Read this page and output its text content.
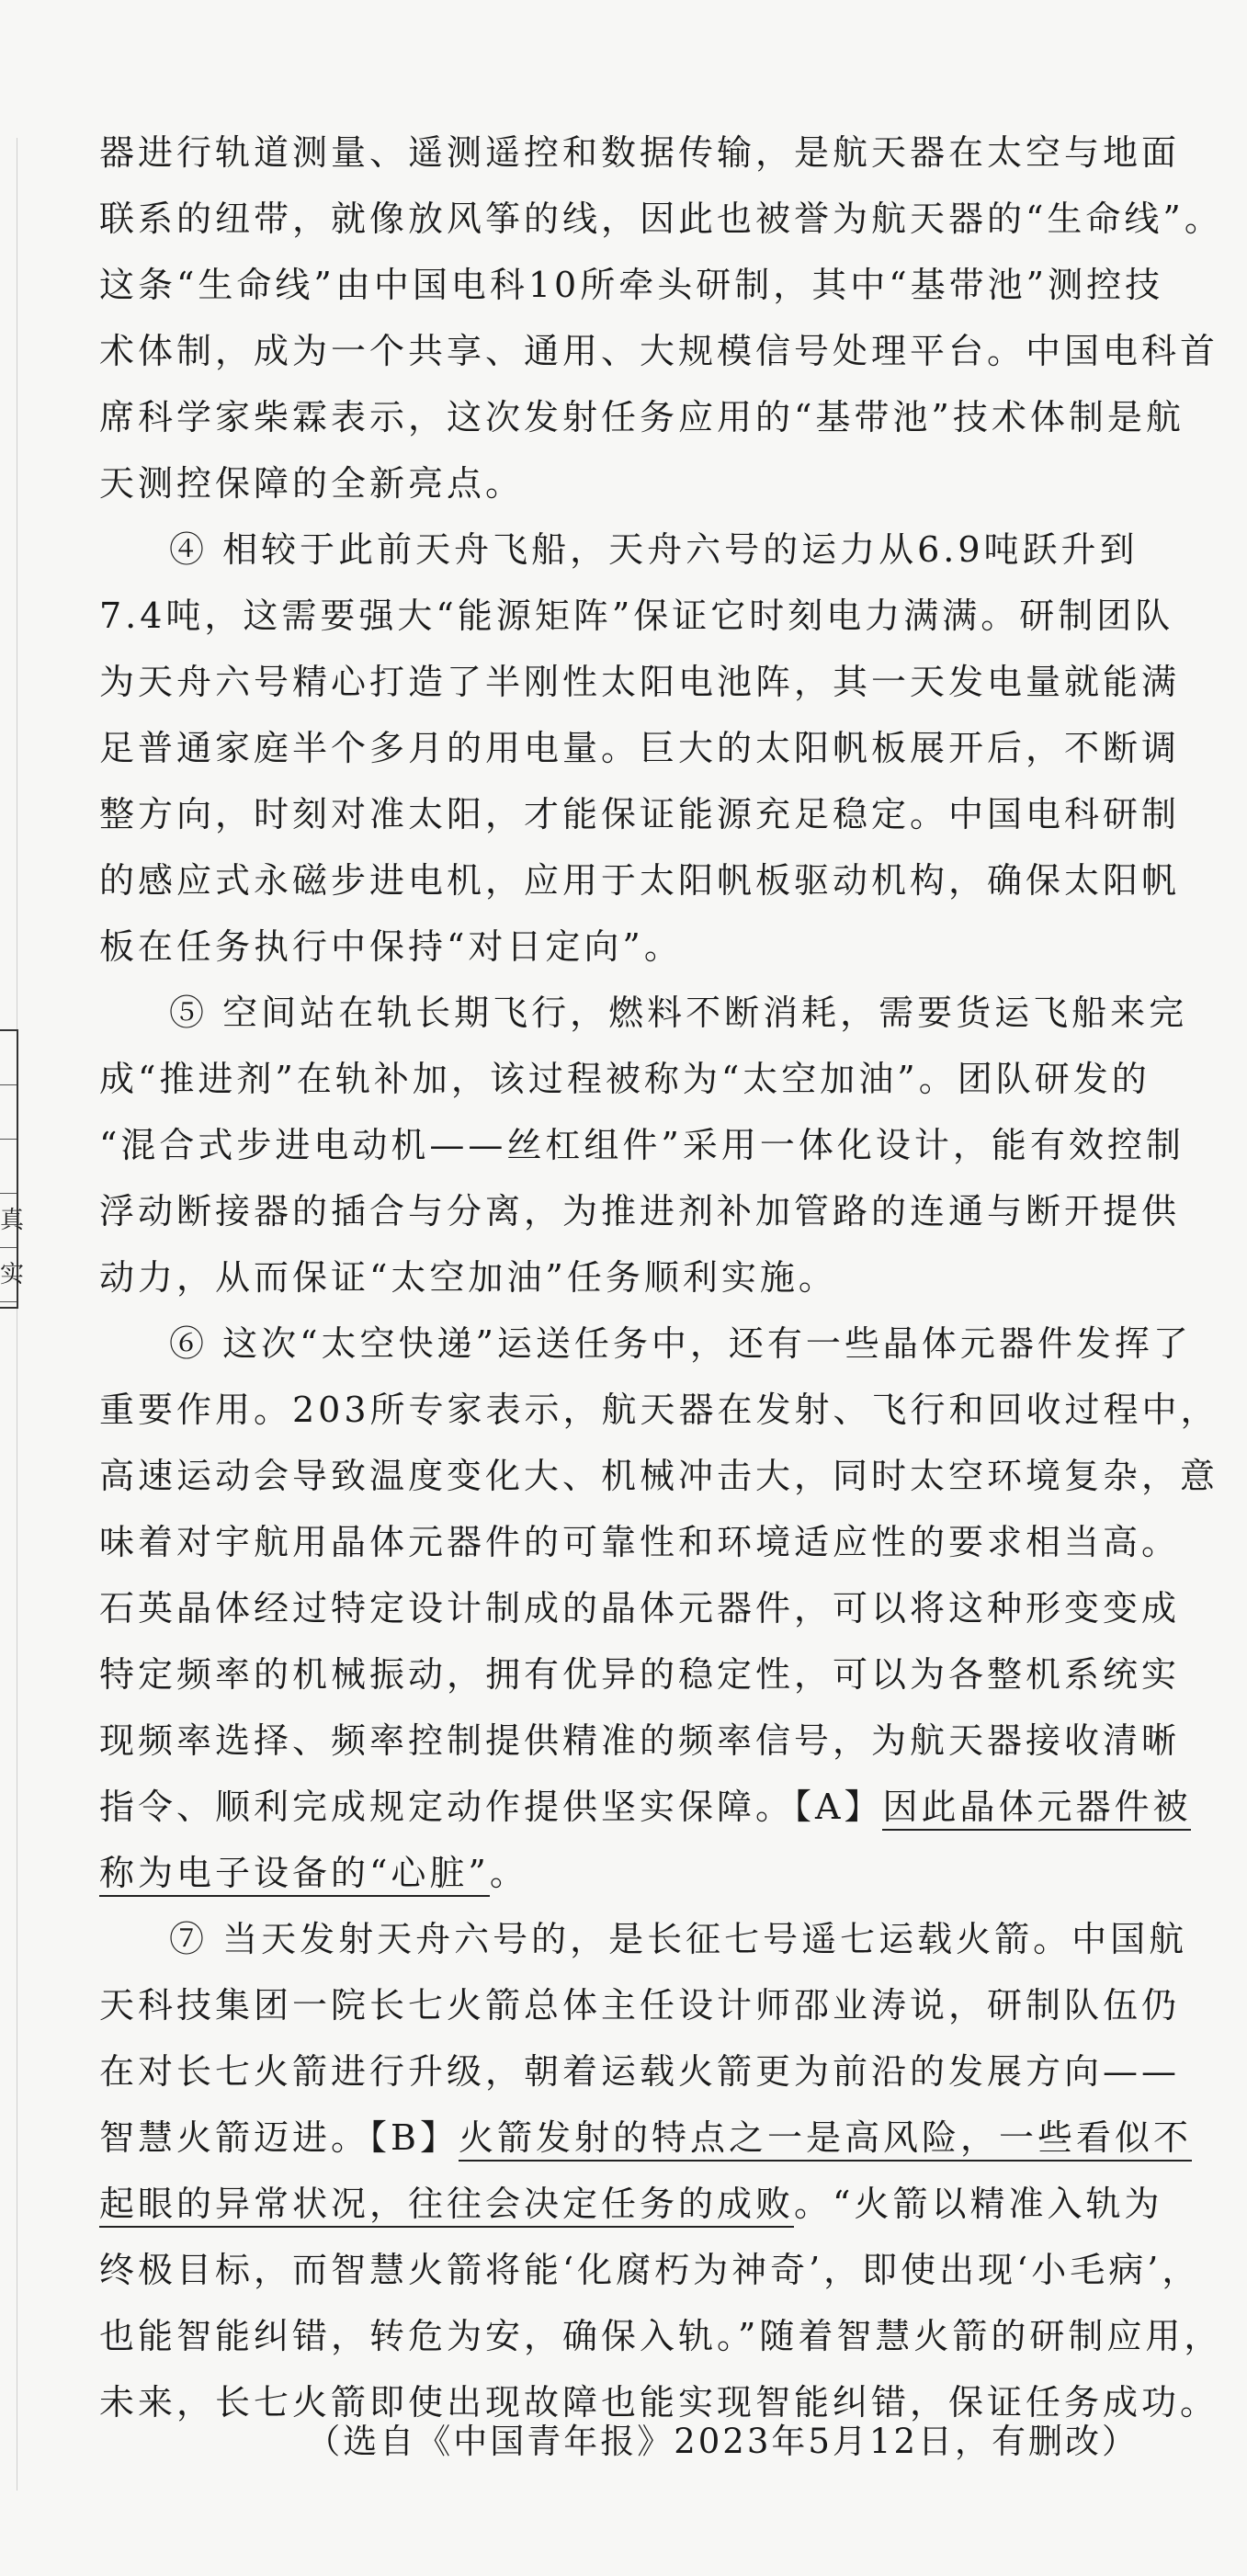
真
实

器进行轨道测量、遥测遥控和数据传输，是航天器在太空与地面
联系的纽带，就像放风筝的线，因此也被誉为航天器的“生命线”。
这条“生命线”由中国电科10所牵头研制，其中“基带池”测控技
术体制，成为一个共享、通用、大规模信号处理平台。中国电科首
席科学家柴霖表示，这次发射任务应用的“基带池”技术体制是航
天测控保障的全新亮点。

④ 相较于此前天舟飞船，天舟六号的运力从6.9吨跃升到
7.4吨，这需要强大“能源矩阵”保证它时刻电力满满。研制团队
为天舟六号精心打造了半刚性太阳电池阵，其一天发电量就能满
足普通家庭半个多月的用电量。巨大的太阳帆板展开后，不断调
整方向，时刻对准太阳，才能保证能源充足稳定。中国电科研制
的感应式永磁步进电机，应用于太阳帆板驱动机构，确保太阳帆
板在任务执行中保持“对日定向”。

⑤ 空间站在轨长期飞行，燃料不断消耗，需要货运飞船来完
成“推进剂”在轨补加，该过程被称为“太空加油”。团队研发的
“混合式步进电动机——丝杠组件”采用一体化设计，能有效控制
浮动断接器的插合与分离，为推进剂补加管路的连通与断开提供
动力，从而保证“太空加油”任务顺利实施。

⑥ 这次“太空快递”运送任务中，还有一些晶体元器件发挥了
重要作用。203所专家表示，航天器在发射、飞行和回收过程中，
高速运动会导致温度变化大、机械冲击大，同时太空环境复杂，意
味着对宇航用晶体元器件的可靠性和环境适应性的要求相当高。
石英晶体经过特定设计制成的晶体元器件，可以将这种形变变成
特定频率的机械振动，拥有优异的稳定性，可以为各整机系统实
现频率选择、频率控制提供精准的频率信号，为航天器接收清晰
指令、顺利完成规定动作提供坚实保障。【A】因此晶体元器件被
称为电子设备的“心脏”。

⑦ 当天发射天舟六号的，是长征七号遥七运载火箭。中国航
天科技集团一院长七火箭总体主任设计师邵业涛说，研制队伍仍
在对长七火箭进行升级，朝着运载火箭更为前沿的发展方向——
智慧火箭迈进。【B】火箭发射的特点之一是高风险，一些看似不
起眼的异常状况，往往会决定任务的成败。“火箭以精准入轨为
终极目标，而智慧火箭将能‘化腐朽为神奇’，即使出现‘小毛病’，
也能智能纠错，转危为安，确保入轨。”随着智慧火箭的研制应用，
未来，长七火箭即使出现故障也能实现智能纠错，保证任务成功。

（选自《中国青年报》2023年5月12日，有删改）
